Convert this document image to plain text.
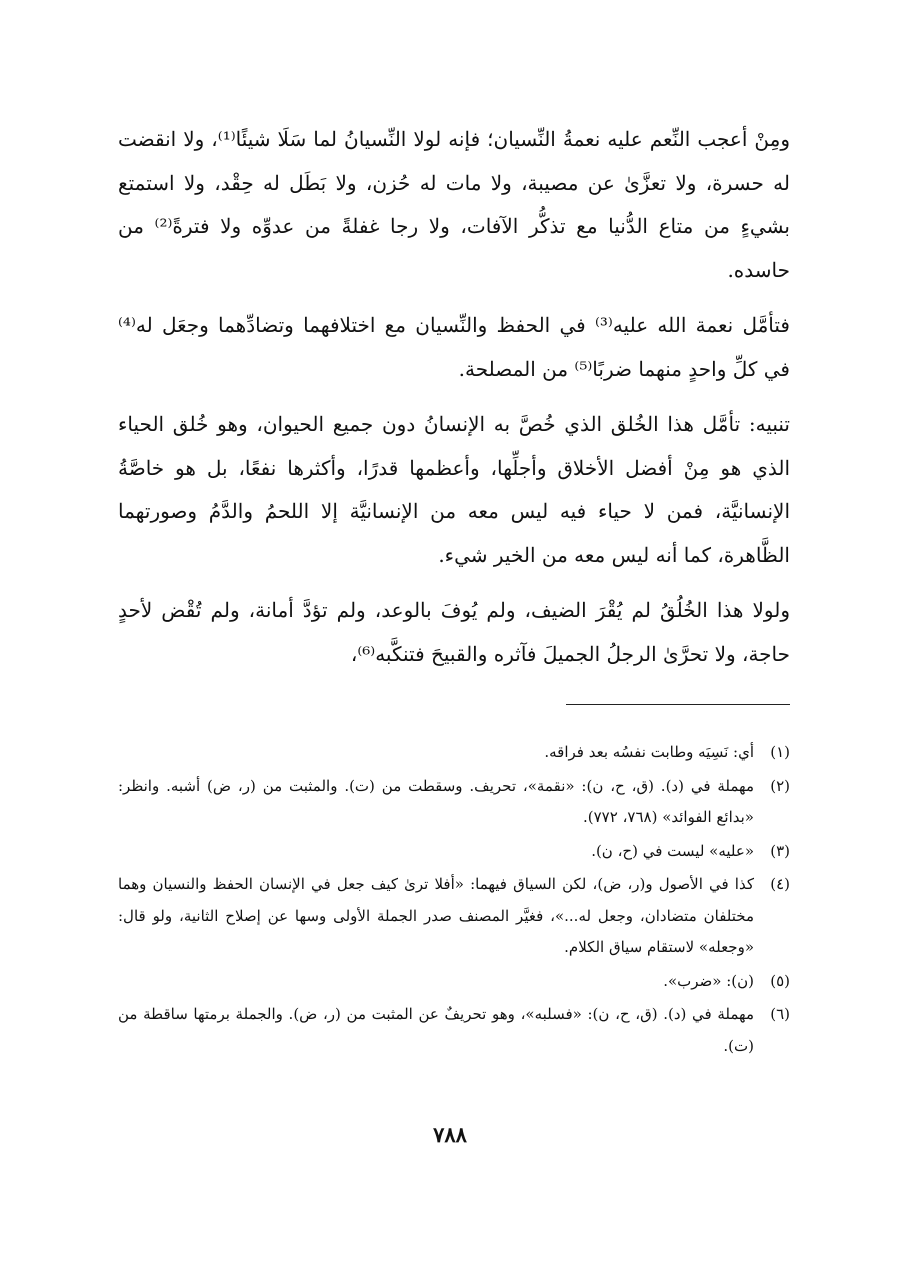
ومِنْ أعجب النِّعم عليه نعمةُ النِّسيان؛ فإنه لولا النِّسيانُ لما سَلَا شيئًا⁽¹⁾، ولا انقضت له حسرة، ولا تعزَّىٰ عن مصيبة، ولا مات له حُزن، ولا بَطَل له حِقْد، ولا استمتع بشيءٍ من متاع الدُّنيا مع تذكُّر الآفات، ولا رجا غفلةً من عدوِّه ولا فترةً⁽²⁾ من حاسده.

فتأمَّل نعمة الله عليه⁽³⁾ في الحفظ والنِّسيان مع اختلافهما وتضادِّهما وجعَل له⁽⁴⁾ في كلِّ واحدٍ منهما ضربًا⁽⁵⁾ من المصلحة.

تنبيه: تأمَّل هذا الخُلق الذي خُصَّ به الإنسانُ دون جميع الحيوان، وهو خُلق الحياء الذي هو مِنْ أفضل الأخلاق وأجلِّها، وأعظمها قدرًا، وأكثرها نفعًا، بل هو خاصَّةُ الإنسانيَّة، فمن لا حياء فيه ليس معه من الإنسانيَّة إلا اللحمُ والدَّمُ وصورتهما الظَّاهرة، كما أنه ليس معه من الخير شيء.

ولولا هذا الخُلُقُ لم يُقْرَ الضيف، ولم يُوفَ بالوعد، ولم تؤدَّ أمانة، ولم تُقْض لأحدٍ حاجة، ولا تحرَّىٰ الرجلُ الجميلَ فآثره والقبيحَ فتنكَّبه⁽⁶⁾،

(١)
أي: نَسِيَه وطابت نفسُه بعد فراقه.
(٢)
مهملة في (د). (ق، ح، ن): «نقمة»، تحريف. وسقطت من (ت). والمثبت من (ر، ض) أشبه. وانظر: «بدائع الفوائد» (٧٦٨، ٧٧٢).
(٣)
«عليه» ليست في (ح، ن).
(٤)
كذا في الأصول و(ر، ض)، لكن السياق فيهما: «أفلا ترىٰ كيف جعل في الإنسان الحفظ والنسيان وهما مختلفان متضادان، وجعل له...»، فغيَّر المصنف صدر الجملة الأولى وسها عن إصلاح الثانية، ولو قال: «وجعله» لاستقام سياق الكلام.
(٥)
(ن): «ضرب».
(٦)
مهملة في (د). (ق، ح، ن): «فسلبه»، وهو تحريفٌ عن المثبت من (ر، ض). والجملة برمتها ساقطة من (ت).
٧٨٨
